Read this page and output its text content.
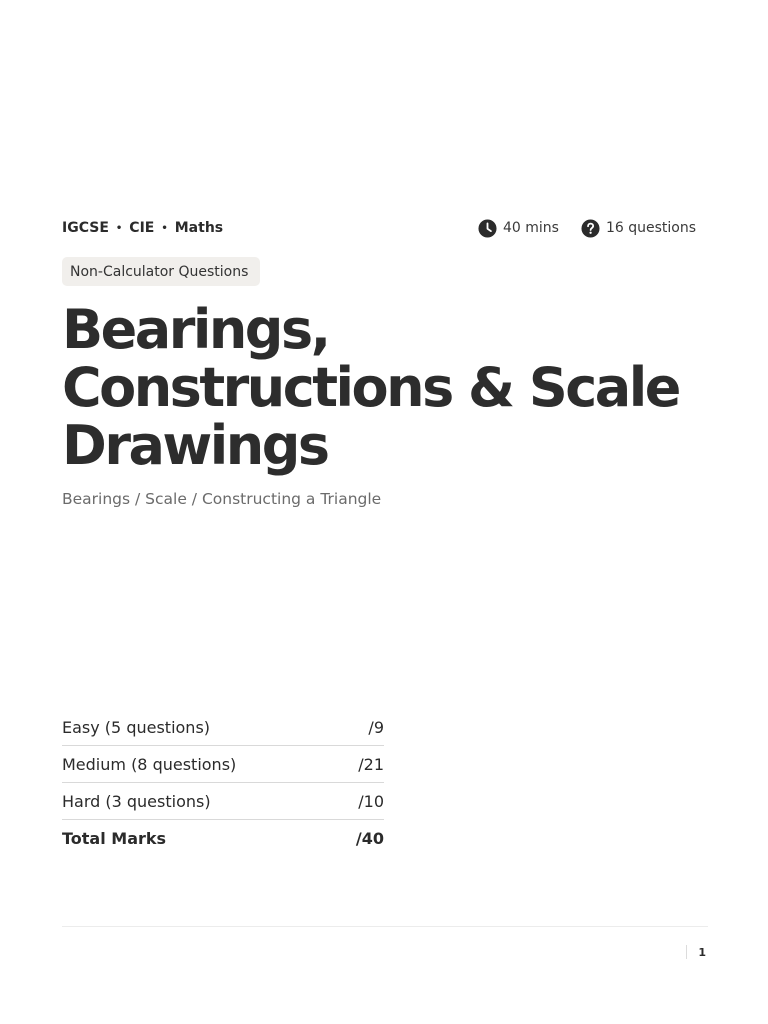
IGCSE • CIE • Maths	40 mins	16 questions
Non-Calculator Questions
Bearings,
Constructions & Scale
Drawings
Bearings / Scale / Constructing a Triangle
Easy (5 questions)	/9
Medium (8 questions)	/21
Hard (3 questions)	/10
Total Marks	/40
1
